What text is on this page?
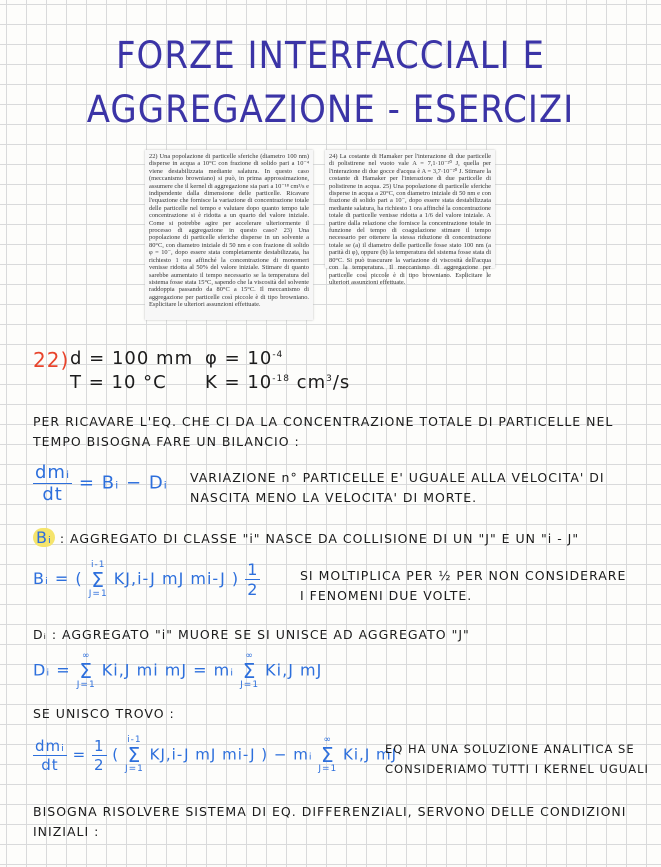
FORZE INTERFACCIALI E
AGGREGAZIONE - ESERCIZI
22) Una popolazione di particelle sferiche (diametro 100 nm) disperse in acqua a 10°C con frazione di solido pari a 10⁻⁴ viene destabilizzata mediante salatura. In questo caso (meccanismo browniano) si può, in prima approssimazione, assumere che il kernel di aggregazione sia pari a 10⁻¹⁸ cm³/s e indipendente dalla dimensione delle particelle. Ricavare l'equazione che fornisce la variazione di concentrazione totale delle particelle nel tempo e valutare dopo quanto tempo tale concentrazione si è ridotta a un quarto del valore iniziale. Come si potrebbe agire per accelerare ulteriormente il processo di aggregazione in questo caso? 23) Una popolazione di particelle sferiche disperse in un solvente a 80°C, con diametro iniziale di 50 nm e con frazione di solido φ = 10⁻, dopo essere stata completamente destabilizzata, ha richiesto 1 ora affinché la concentrazione di monomeri venisse ridotta al 50% del valore iniziale. Stimare di quanto sarebbe aumentato il tempo necessario se la temperatura del sistema fosse stata 15°C, sapendo che la viscosità del solvente raddoppia passando da 80°C a 15°C. Il meccanismo di aggregazione per particelle così piccole è di tipo browniano. Esplicitare le ulteriori assunzioni effettuate.
24) La costante di Hamaker per l'interazione di due particelle di polistirene nel vuoto vale A = 7,1·10⁻²⁰ J, quella per l'interazione di due gocce d'acqua è A = 3,7·10⁻²⁰ J. Stimare la costante di Hamaker per l'interazione di due particelle di polistirene in acqua. 25) Una popolazione di particelle sferiche disperse in acqua a 20°C, con diametro iniziale di 50 nm e con frazione di solido pari a 10⁻, dopo essere stata destabilizzata mediante salatura, ha richiesto 1 ora affinché la concentrazione totale di particelle venisse ridotta a 1/6 del valore iniziale. A partire dalla relazione che fornisce la concentrazione totale in funzione del tempo di coagulazione stimare il tempo necessario per ottenere la stessa riduzione di concentrazione totale se (a) il diametro delle particelle fosse stato 100 nm (a parità di φ), oppure (b) la temperatura del sistema fosse stata di 80°C. Si può trascurare la variazione di viscosità dell'acqua con la temperatura. Il meccanismo di aggregazione per particelle così piccole è di tipo browniano. Esplicitare le ulteriori assunzioni effettuate.
22) d = 100 mm
T = 10 °C
$\varphi = 10^{-4}$
$K = 10^{-18}$ $cm^3/s$
PER RICAVARE L'EQ. CHE CI DA LA CONCENTRAZIONE TOTALE DI PARTICELLE NEL
TEMPO BISOGNA FARE UN BILANCIO :
$\frac{\text{dmᵢ}}{dt}$ = Bᵢ − Dᵢ VARIAZIONE n° PARTICELLE E' UGUALE ALLA VELOCITA' DI
NASCITA MENO LA VELOCITA' DI MORTE.
Bᵢ : AGGREGATO DI CLASSE "i" NASCE DA COLLISIONE DI UN "J" E UN "i - J"
Bᵢ = (
i-1
Σ
J=1
KJ,i-J mJ mi-J ) $\frac{1}{2}$	SI MOLTIPLICA PER ½ PER NON CONSIDERARE
I FENOMENI DUE VOLTE.
Dᵢ : AGGREGATO "i" MUORE SE SI UNISCE AD AGGREGATO "J"
Dᵢ =
∞
Σ
J=1
Ki,J mi mJ = mᵢ
∞
Σ
J=1
Ki,J mJ
SE UNISCO TROVO :
$\frac{\text{dmᵢ}}{dt} = \frac{1}{2}$ (
i-1
Σ
J=1
KJ,i-J mJ mi-J ) − mᵢ
∞
Σ
J=1
Ki,J mJ
EQ HA UNA SOLUZIONE ANALITICA SE
CONSIDERIAMO TUTTI I KERNEL UGUALI
BISOGNA RISOLVERE SISTEMA DI EQ. DIFFERENZIALI, SERVONO DELLE CONDIZIONI
INIZIALI :
